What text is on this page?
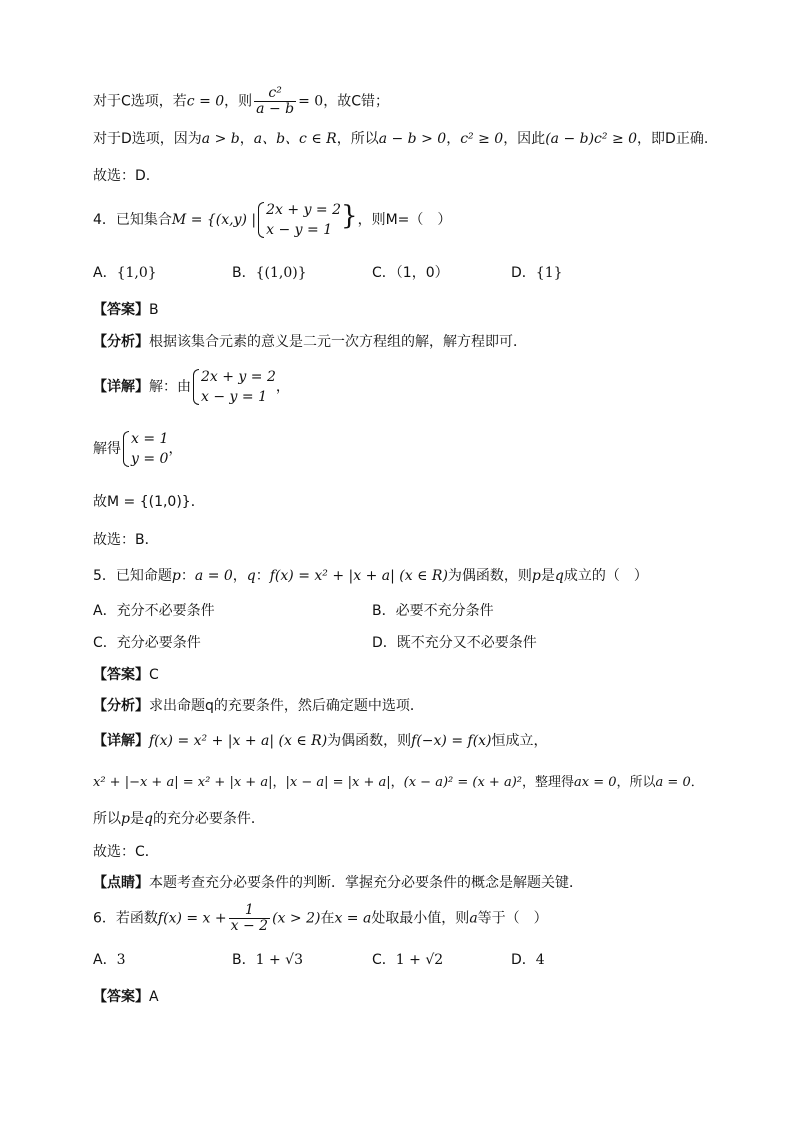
对于C选项，若c = 0，则 $\frac{\text{c²}}{a - b} = 0$，故C错；
对于D选项，因为a > b，a、b、c ∈ R，所以a − b > 0，c² ≥ 0，因此(a − b)c² ≥ 0，即D正确.
故选：D.
4．已知集合M = {(x,y) |
2x + y = 2
x − y = 1 }，则M=（　）
A．{1,0}	B．{(1,0)}	C．（1，0）	D．{1}
【答案】B
【分析】根据该集合元素的意义是二元一次方程组的解，解方程即可．
【详解】解：由
2x + y = 2
x − y = 1
，
解得
x = 1
y = 0
，
故M = {(1,0)}．
故选：B．
5．已知命题p：a = 0，q：f(x) = x² + |x + a| (x ∈ R)为偶函数，则p是q成立的（　）
A．充分不必要条件	B．必要不充分条件
C．充分必要条件	D．既不充分又不必要条件
【答案】C
【分析】求出命题q的充要条件，然后确定题中选项．
【详解】f(x) = x² + |x + a| (x ∈ R)为偶函数，则f(−x) = f(x)恒成立，
x² + |−x + a| = x² + |x + a|，|x − a| = |x + a|，(x − a)² = (x + a)²，整理得ax = 0，所以a = 0．
所以p是q的充分必要条件．
故选：C．
【点睛】本题考查充分必要条件的判断．掌握充分必要条件的概念是解题关键．
6．若函数$f(x) = x + \frac{1}{x - 2} (x > 2)$在x = a处取最小值，则a等于（　）
A．3	B．1 + √3	C．1 + √2	D．4
【答案】A
